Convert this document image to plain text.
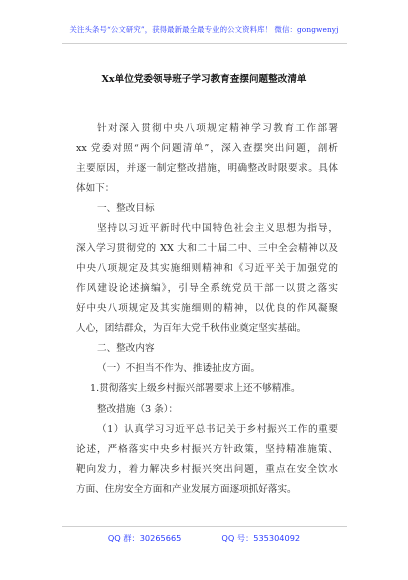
关注头条号“公文研究”，获得最新最全最专业的公文资料库！ 微信：gongwenyj
Xx单位党委领导班子学习教育查摆问题整改清单
针对深入贯彻中央八项规定精神学习教育工作部署
xx 党委对照“两个问题清单”，深入查摆突出问题，剖析
主要原因，并逐一制定整改措施，明确整改时限要求。具体
体如下：
一、整改目标
坚持以习近平新时代中国特色社会主义思想为指导，
深入学习贯彻党的 XX 大和二十届二中、三中全会精神以及
中央八项规定及其实施细则精神和《习近平关于加强党的
作风建设论述摘编》，引导全系统党员干部一以贯之落实
好中央八项规定及其实施细则的精神，以优良的作风凝聚
人心，团结群众，为百年大党千秋伟业奠定坚实基础。
二、整改内容
（一）不担当不作为、推诿扯皮方面。
1.贯彻落实上级乡村振兴部署要求上还不够精准。
整改措施（3 条）：
（1）认真学习习近平总书记关于乡村振兴工作的重要
论述，严格落实中央乡村振兴方针政策，坚持精准施策、
靶向发力，着力解决乡村振兴突出问题，重点在安全饮水
方面、住房安全方面和产业发展方面逐项抓好落实。
QQ 群：30265665	QQ 号：535304092
